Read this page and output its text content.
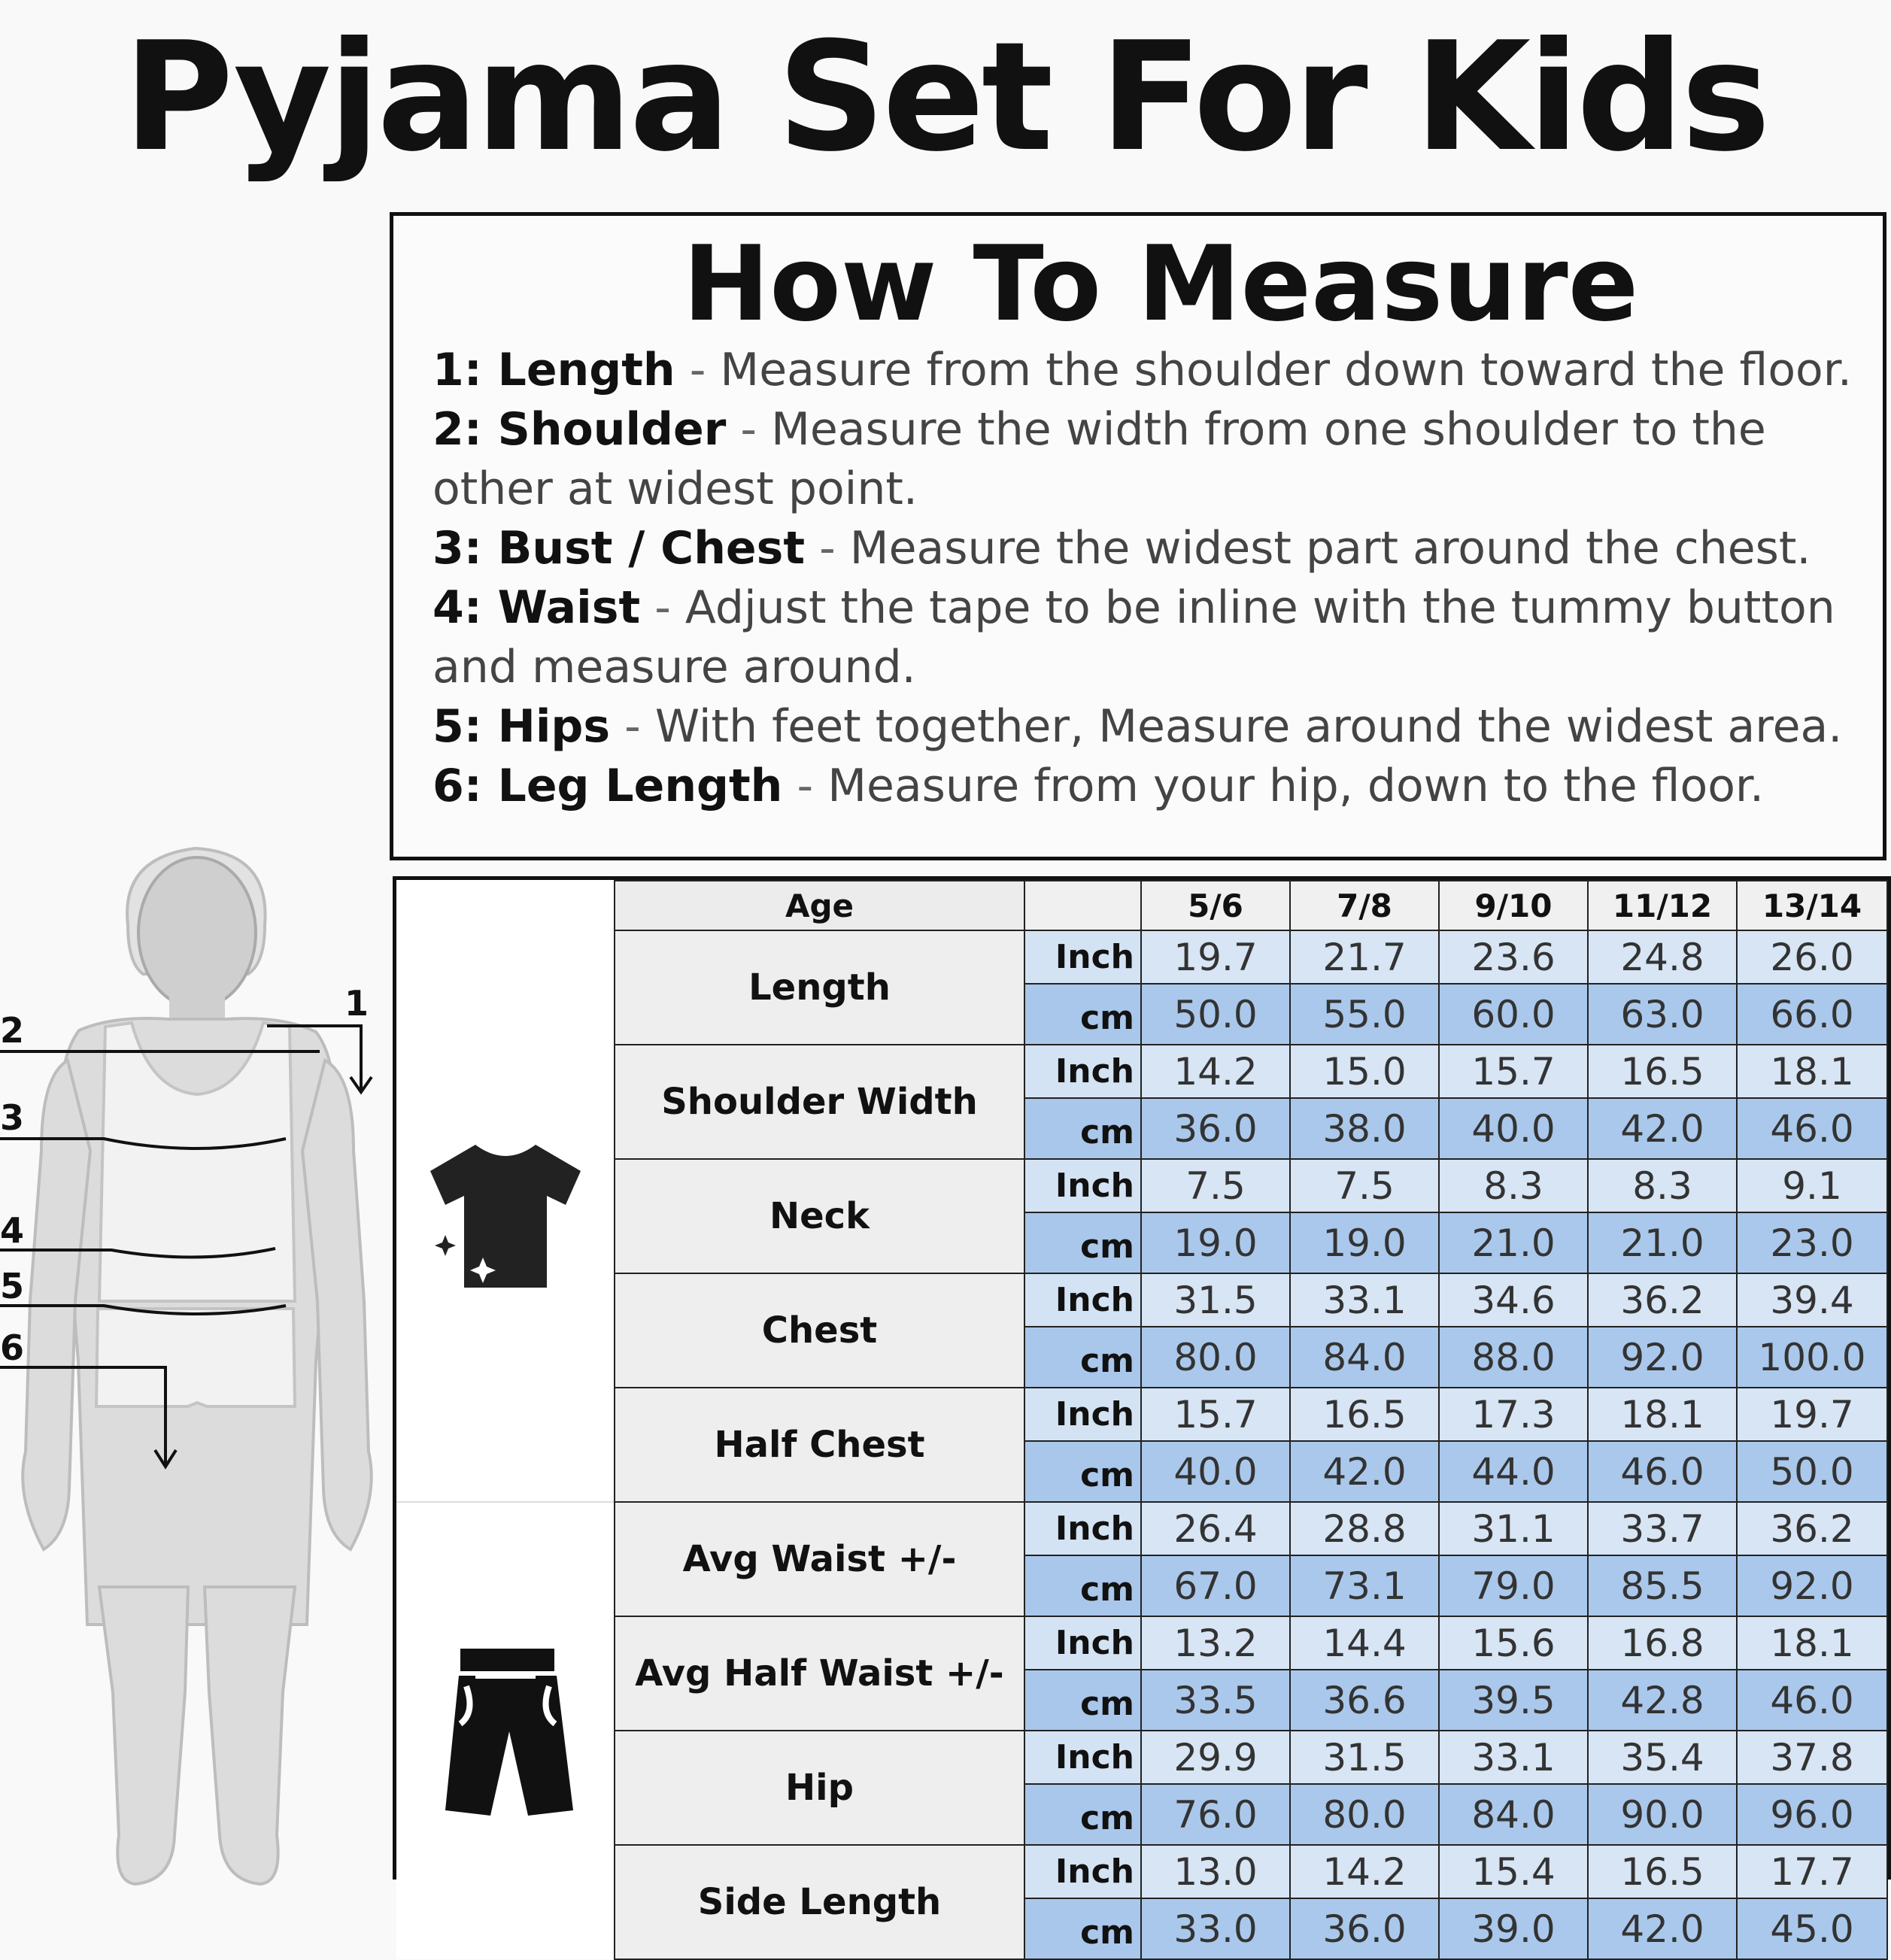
Pyjama Set For Kids
How To Measure
1: Length - Measure from the shoulder down toward the floor.
2: Shoulder - Measure the width from one shoulder to the other at widest point.
3: Bust / Chest - Measure the widest part around the chest.
4: Waist - Adjust the tape to be inline with the tummy button and measure around.
5: Hips - With feet together, Measure around the widest area.
6: Leg Length - Measure from your hip, down to the floor.
1
2
3
4
5
6
	Age		5/6	7/8	9/10	11/12	13/14

	Length	Inch	19.7	21.7	23.6	24.8	26.0
		cm	50.0	55.0	60.0	63.0	66.0
	Shoulder Width	Inch	14.2	15.0	15.7	16.5	18.1
		cm	36.0	38.0	40.0	42.0	46.0
	Neck	Inch	7.5	7.5	8.3	8.3	9.1
		cm	19.0	19.0	21.0	21.0	23.0
	Chest	Inch	31.5	33.1	34.6	36.2	39.4
		cm	80.0	84.0	88.0	92.0	100.0
	Half Chest	Inch	15.7	16.5	17.3	18.1	19.7
		cm	40.0	42.0	44.0	46.0	50.0

	Avg Waist +/-	Inch	26.4	28.8	31.1	33.7	36.2
		cm	67.0	73.1	79.0	85.5	92.0
	Avg Half Waist +/-	Inch	13.2	14.4	15.6	16.8	18.1
		cm	33.5	36.6	39.5	42.8	46.0
	Hip	Inch	29.9	31.5	33.1	35.4	37.8
		cm	76.0	80.0	84.0	90.0	96.0
	Side Length	Inch	13.0	14.2	15.4	16.5	17.7
		cm	33.0	36.0	39.0	42.0	45.0
